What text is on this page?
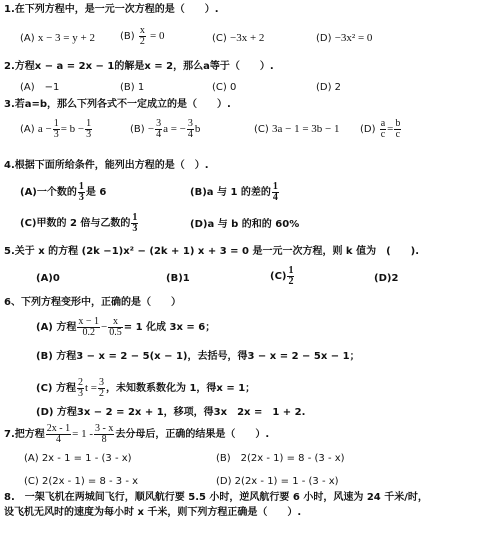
1.在下列方程中，是一元一次方程的是（　　）.
(A) x − 3 = y + 2	$(B) \frac{x}{2} = 0$	(C) −3x + 2	(D) −3x² = 0
2.方程x − a = 2x − 1的解是x = 2，那么a等于（　　）.
(A)　−1	(B) 1	(C) 0	(D) 2
3.若a=b，那么下列各式不一定成立的是（　　）.
(A) $a - \frac{1}{3} = b - \frac{1}{3}$	$(B) - \frac{3}{4}$ a = − $\frac{3}{4}$ b	(C) 3a − 1 = 3b − 1 $(D) \frac{a}{c} = \frac{b}{c}$
4.根据下面所给条件，能列出方程的是（　）.
(A)一个数的 $\frac{1}{3}$ 是 6	(B)a 与 1 的差的 $\frac{1}{4}$
(C)甲数的 2 倍与乙数的 $\frac{1}{3}$	(D)a 与 b 的和的 60%
5.关于 x 的方程 (2k −1)x² − (2k + 1) x + 3 = 0 是一元一次方程，则 k 值为　(　　).
(A)0	(B)1	$(C) \frac{1}{2}$	(D)2
6、下列方程变形中，正确的是（　　）
(A) 方程 $\frac{x - 1}{0.2} - \frac{x}{0.5} = 1$ 化成 3x = 6；
(B) 方程3 − x = 2 − 5(x − 1)，去括号，得3 − x = 2 − 5x − 1；
(C) 方程 $\frac{2}{3}$ $t = \frac{3}{2}$ ，未知数系数化为 1，得x = 1；
(D) 方程3x − 2 = 2x + 1，移项，得3x　2x =　1 + 2.
7.把方程 $\frac{2x - 1}{4} = 1 - \frac{3 - x}{8}$ 去分母后，正确的结果是（　　）.
(A) 2x - 1 = 1 - (3 - x)	(B)　2(2x - 1) = 8 - (3 - x)
(C) 2(2x - 1) = 8 - 3 - x	(D) 2(2x - 1) = 1 - (3 - x)
8.　一架飞机在两城间飞行，顺风航行要 5.5 小时，逆风航行要 6 小时，风速为 24 千米/时，
设飞机无风时的速度为每小时 x 千米，则下列方程正确是（　　）.
